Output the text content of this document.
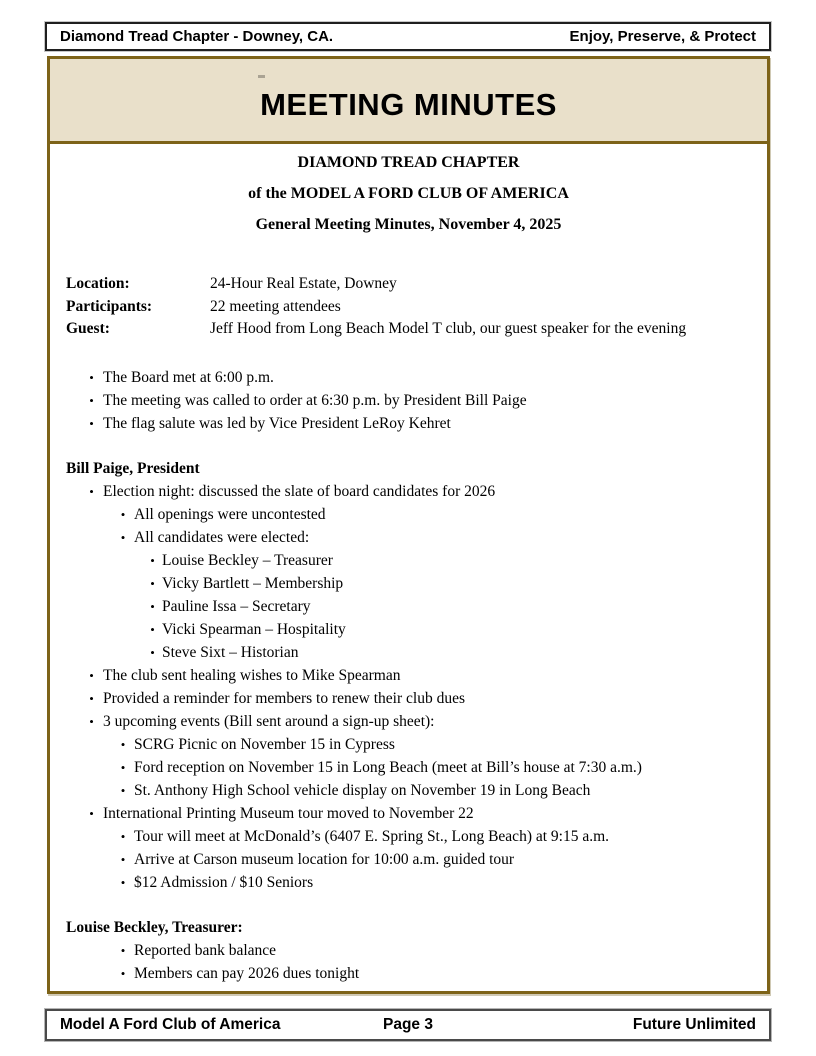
Diamond Tread Chapter - Downey, CA.	Enjoy, Preserve, & Protect
MEETING MINUTES
DIAMOND TREAD CHAPTER
of the MODEL A FORD CLUB OF AMERICA
General Meeting Minutes, November 4, 2025
Location:	24-Hour Real Estate, Downey
Participants:	22 meeting attendees
Guest:	Jeff Hood from Long Beach Model T club, our guest speaker for the evening
• The Board met at 6:00 p.m.
• The meeting was called to order at 6:30 p.m. by President Bill Paige
• The flag salute was led by Vice President LeRoy Kehret
Bill Paige, President
• Election night: discussed the slate of board candidates for 2026
• All openings were uncontested
• All candidates were elected:
• Louise Beckley – Treasurer
• Vicky Bartlett – Membership
• Pauline Issa – Secretary
• Vicki Spearman – Hospitality
• Steve Sixt – Historian
• The club sent healing wishes to Mike Spearman
• Provided a reminder for members to renew their club dues
• 3 upcoming events (Bill sent around a sign-up sheet):
• SCRG Picnic on November 15 in Cypress
• Ford reception on November 15 in Long Beach (meet at Bill’s house at 7:30 a.m.)
• St. Anthony High School vehicle display on November 19 in Long Beach
• International Printing Museum tour moved to November 22
• Tour will meet at McDonald’s (6407 E. Spring St., Long Beach) at 9:15 a.m.
• Arrive at Carson museum location for 10:00 a.m. guided tour
• $12 Admission / $10 Seniors
Louise Beckley, Treasurer:
• Reported bank balance
• Members can pay 2026 dues tonight
Model A Ford Club of America	Page 3	Future Unlimited
